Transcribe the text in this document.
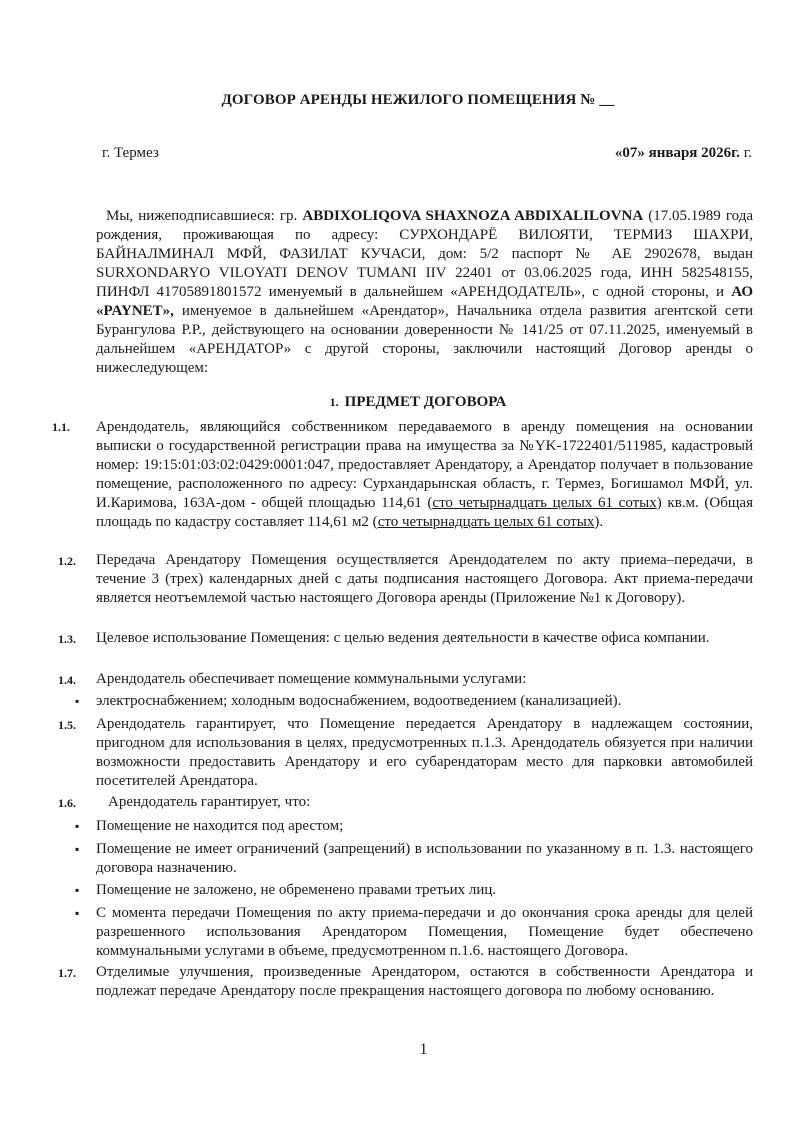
ДОГОВОР АРЕНДЫ НЕЖИЛОГО ПОМЕЩЕНИЯ № __
г. Термез	«07» января 2026г. г.
Мы, нижеподписавшиеся: гр. ABDIXOLIQOVA SHAXNOZA ABDIXALILOVNA (17.05.1989 года рождения, проживающая по адресу: СУРХОНДАРЁ ВИЛОЯТИ, ТЕРМИЗ ШАХРИ, БАЙНАЛМИНАЛ МФЙ, ФАЗИЛАТ КУЧАСИ, дом: 5/2 паспорт № AE 2902678, выдан SURXONDARYO VILOYATI DENOV TUMANI IIV 22401 от 03.06.2025 года, ИНН 582548155, ПИНФЛ 41705891801572 именуемый в дальнейшем «АРЕНДОДАТЕЛЬ», с одной стороны, и АО «PAYNET», именуемое в дальнейшем «Арендатор», Начальника отдела развития агентской сети Бурангулова Р.Р., действующего на основании доверенности № 141/25 от 07.11.2025, именуемый в дальнейшем «АРЕНДАТОР» с другой стороны, заключили настоящий Договор аренды о нижеследующем:
1. ПРЕДМЕТ ДОГОВОРА
1.1. Арендодатель, являющийся собственником передаваемого в аренду помещения на основании выписки о государственной регистрации права на имущества за №YK-1722401/511985, кадастровый номер: 19:15:01:03:02:0429:0001:047, предоставляет Арендатору, а Арендатор получает в пользование помещение, расположенного по адресу: Сурхандарынская область, г. Термез, Богишамол МФЙ, ул. И.Каримова, 163А-дом - общей площадью 114,61 (сто четырнадцать целых 61 сотых) кв.м. (Общая площадь по кадастру составляет 114,61 м2 (сто четырнадцать целых 61 сотых).
1.2. Передача Арендатору Помещения осуществляется Арендодателем по акту приема–передачи, в течение 3 (трех) календарных дней с даты подписания настоящего Договора. Акт приема-передачи является неотъемлемой частью настоящего Договора аренды (Приложение №1 к Договору).
1.3. Целевое использование Помещения: с целью ведения деятельности в качестве офиса компании.
1.4. Арендодатель обеспечивает помещение коммунальными услугами:
▪ электроснабжением; холодным водоснабжением, водоотведением (канализацией).
1.5. Арендодатель гарантирует, что Помещение передается Арендатору в надлежащем состоянии, пригодном для использования в целях, предусмотренных п.1.3. Арендодатель обязуется при наличии возможности предоставить Арендатору и его субарендаторам место для парковки автомобилей посетителей Арендатора.
1.6.	Арендодатель гарантирует, что:
▪ Помещение не находится под арестом;
▪ Помещение не имеет ограничений (запрещений) в использовании по указанному в п. 1.3. настоящего договора назначению.
▪ Помещение не заложено, не обременено правами третьих лиц.
▪ С момента передачи Помещения по акту приема-передачи и до окончания срока аренды для целей разрешенного использования Арендатором Помещения, Помещение будет обеспечено коммунальными услугами в объеме, предусмотренном п.1.6. настоящего Договора.
1.7. Отделимые улучшения, произведенные Арендатором, остаются в собственности Арендатора и подлежат передаче Арендатору после прекращения настоящего договора по любому основанию.
1
